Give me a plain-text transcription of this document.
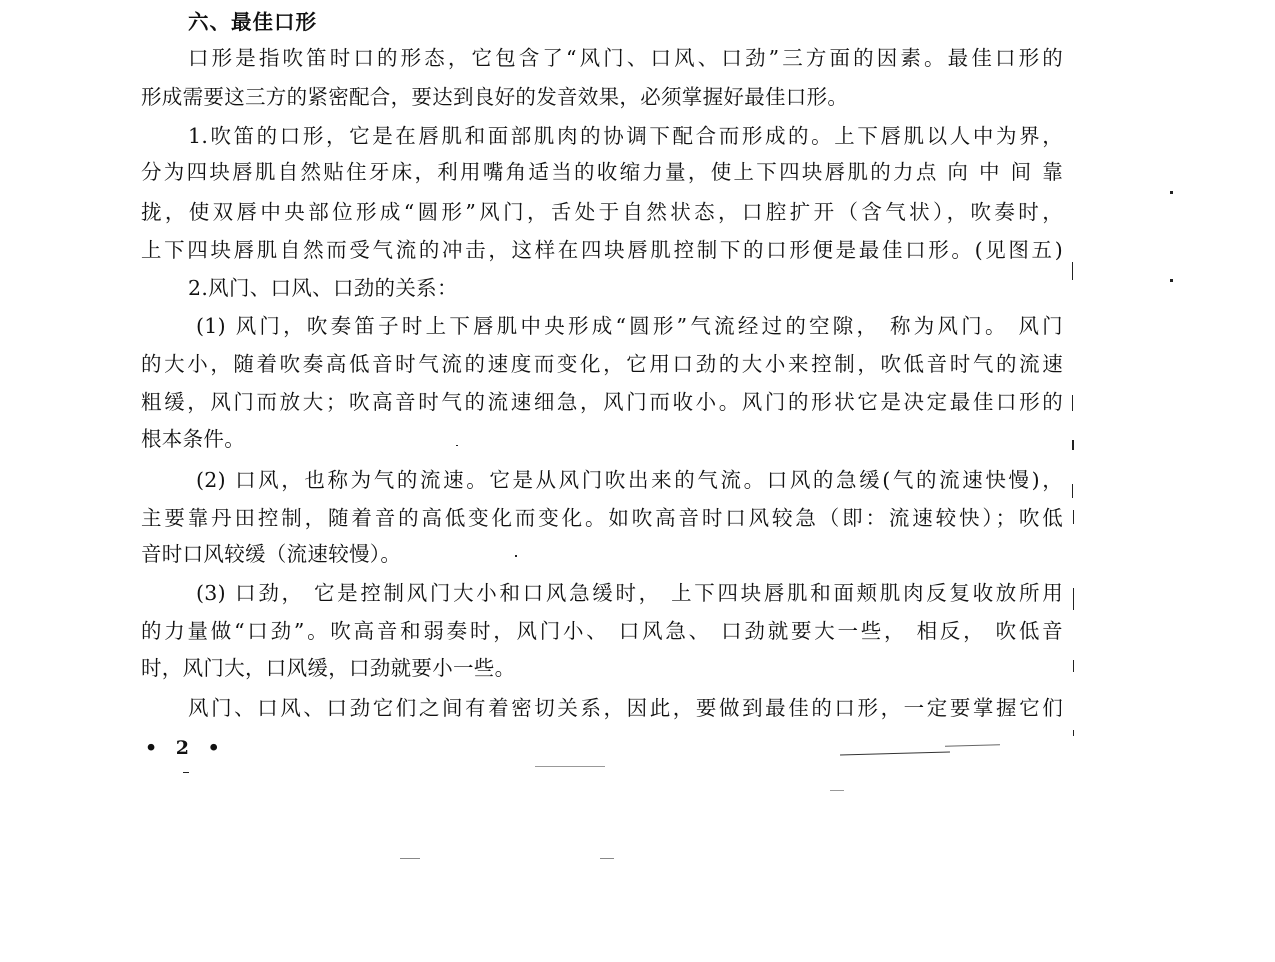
六、最佳口形
口形是指吹笛时口的形态，它包含了“风门、口风、口劲”三方面的因素。最佳口形的
形成需要这三方的紧密配合，要达到良好的发音效果，必须掌握好最佳口形。
1.吹笛的口形，它是在唇肌和面部肌肉的协调下配合而形成的。上下唇肌以人中为界，
分为四块唇肌自然贴住牙床，利用嘴角适当的收缩力量，使上下四块唇肌的力点 向 中 间 靠
拢，使双唇中央部位形成“圆形”风门，舌处于自然状态，口腔扩开（含气状），吹奏时，
上下四块唇肌自然而受气流的冲击，这样在四块唇肌控制下的口形便是最佳口形。(见图五)
2.风门、口风、口劲的关系：
(1) 风门，吹奏笛子时上下唇肌中央形成“圆形”气流经过的空隙， 称为风门。 风门
的大小，随着吹奏高低音时气流的速度而变化，它用口劲的大小来控制，吹低音时气的流速
粗缓，风门而放大；吹高音时气的流速细急，风门而收小。风门的形状它是决定最佳口形的
根本条件。
(2) 口风，也称为气的流速。它是从风门吹出来的气流。口风的急缓(气的流速快慢)，
主要靠丹田控制，随着音的高低变化而变化。如吹高音时口风较急（即：流速较快）；吹低
音时口风较缓（流速较慢）。
(3) 口劲， 它是控制风门大小和口风急缓时， 上下四块唇肌和面颊肌肉反复收放所用
的力量做“口劲”。吹高音和弱奏时，风门小、 口风急、 口劲就要大一些， 相反， 吹低音
时，风门大，口风缓，口劲就要小一些。
风门、口风、口劲它们之间有着密切关系，因此，要做到最佳的口形，一定要掌握它们
• 2 •
